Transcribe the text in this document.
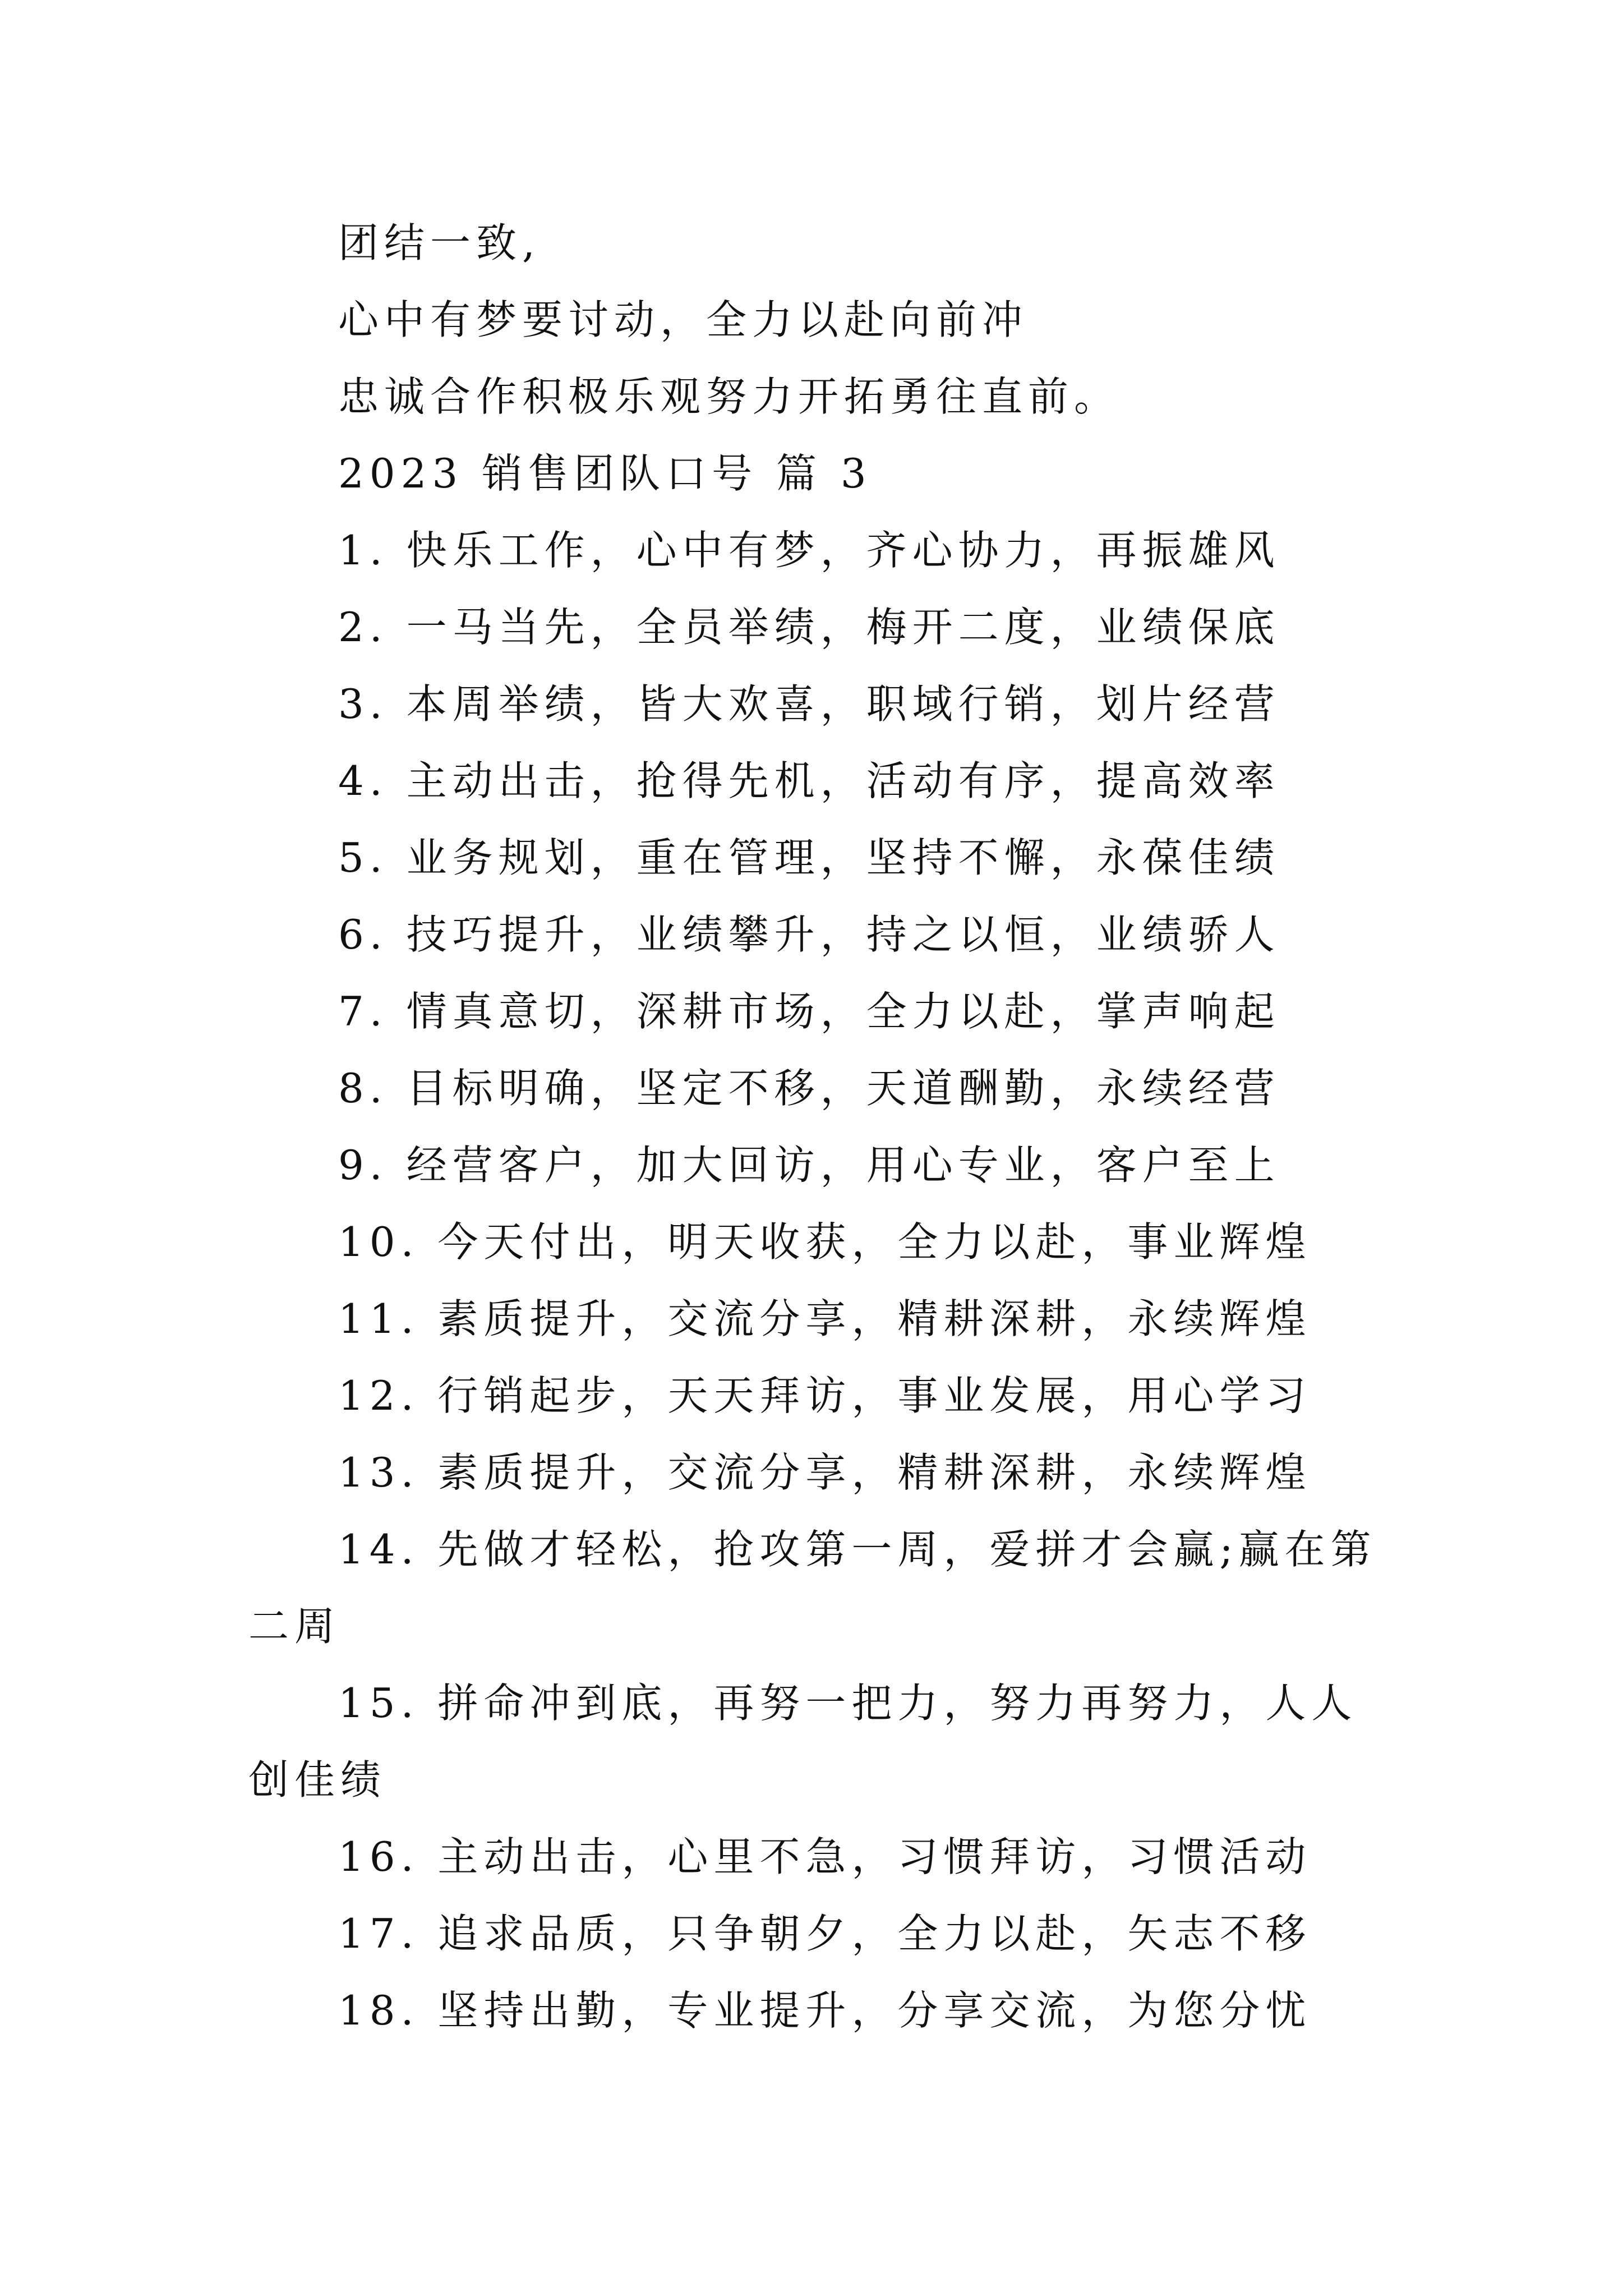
团结一致,
心中有梦要讨动，全力以赴向前冲
忠诚合作积极乐观努力开拓勇往直前。
2023 销售团队口号 篇 3
1. 快乐工作，心中有梦，齐心协力，再振雄风
2. 一马当先，全员举绩，梅开二度，业绩保底
3. 本周举绩，皆大欢喜，职域行销，划片经营
4. 主动出击，抢得先机，活动有序，提高效率
5. 业务规划，重在管理，坚持不懈，永葆佳绩
6. 技巧提升，业绩攀升，持之以恒，业绩骄人
7. 情真意切，深耕市场，全力以赴，掌声响起
8. 目标明确，坚定不移，天道酬勤，永续经营
9. 经营客户，加大回访，用心专业，客户至上
10. 今天付出，明天收获，全力以赴，事业辉煌
11. 素质提升，交流分享，精耕深耕，永续辉煌
12. 行销起步，天天拜访，事业发展，用心学习
13. 素质提升，交流分享，精耕深耕，永续辉煌
14. 先做才轻松，抢攻第一周，爱拼才会赢;赢在第二周
15. 拼命冲到底，再努一把力，努力再努力，人人创佳绩
16. 主动出击，心里不急，习惯拜访，习惯活动
17. 追求品质，只争朝夕，全力以赴，矢志不移
18. 坚持出勤，专业提升，分享交流，为您分忧
